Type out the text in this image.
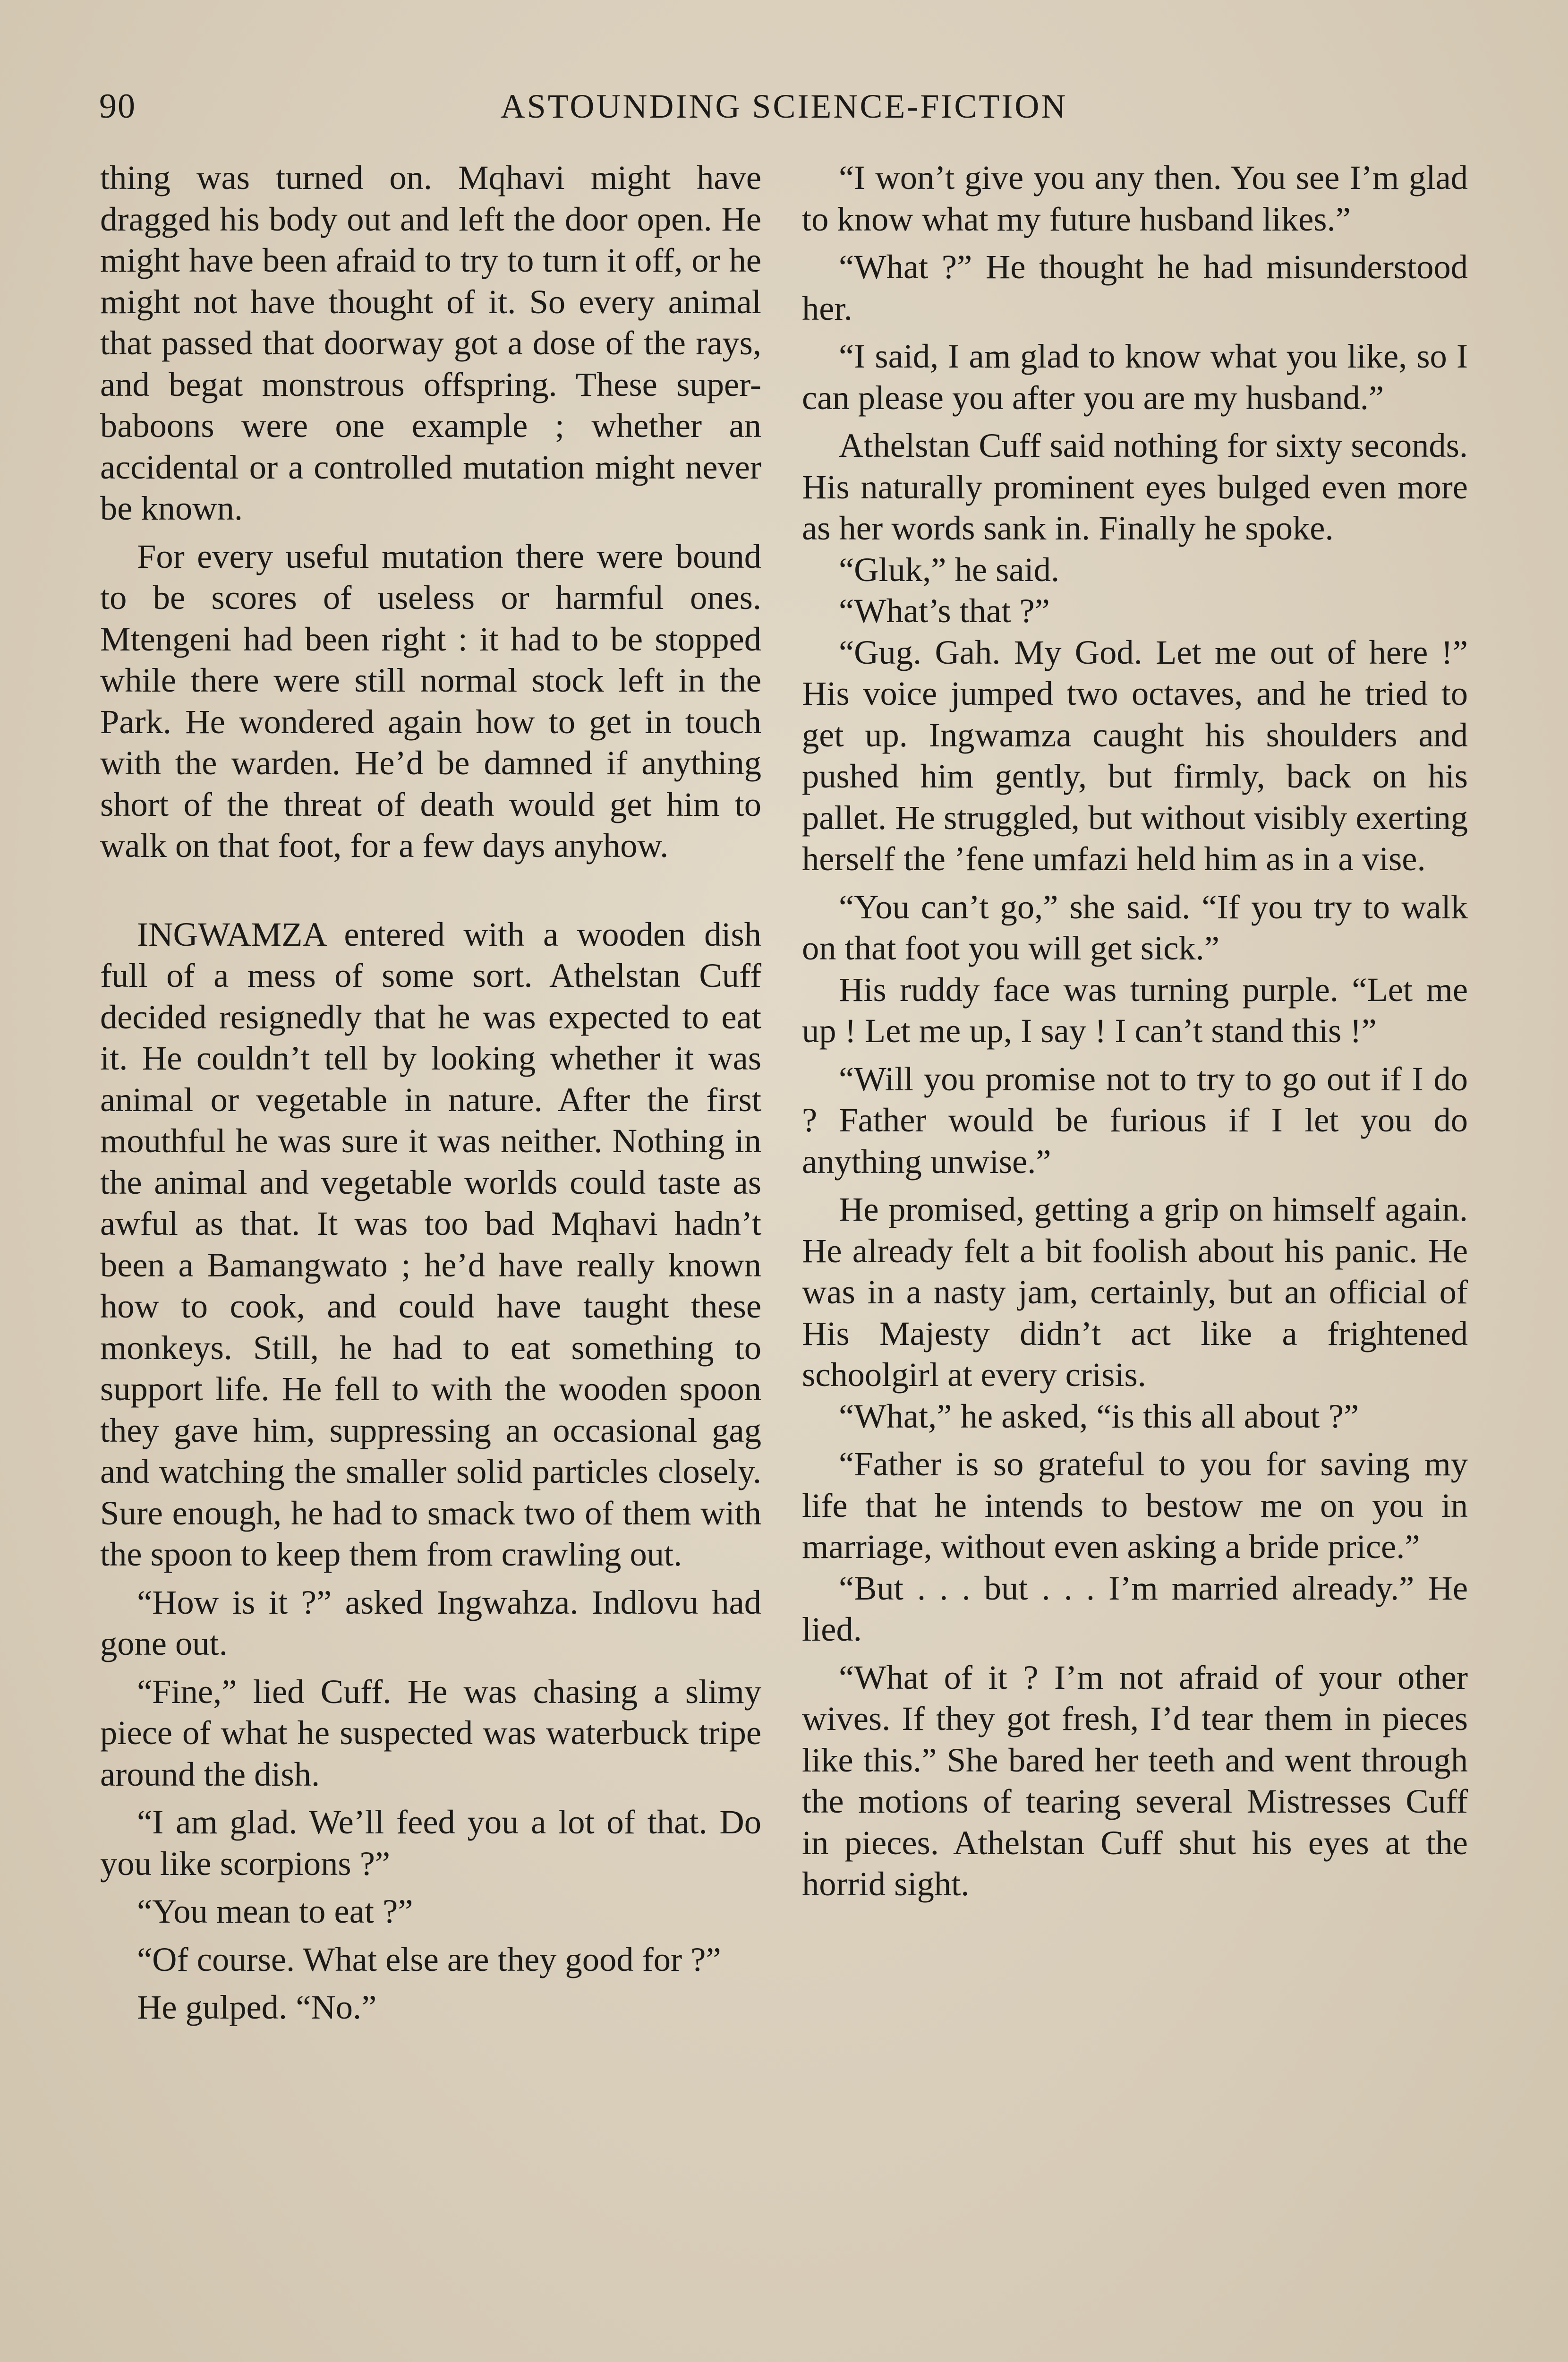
90	ASTOUNDING SCIENCE-FICTION

thing was turned on. Mqhavi might have dragged his body out and left the door open. He might have been afraid to try to turn it off, or he might not have thought of it. So every animal that passed that doorway got a dose of the rays, and begat monstrous offspring. These super-baboons were one example ; whether an accidental or a controlled mutation might never be known.

For every useful mutation there were bound to be scores of useless or harmful ones. Mtengeni had been right : it had to be stopped while there were still normal stock left in the Park. He wondered again how to get in touch with the warden. He’d be damned if anything short of the threat of death would get him to walk on that foot, for a few days anyhow.

INGWAMZA entered with a wooden dish full of a mess of some sort. Athelstan Cuff decided resignedly that he was expected to eat it. He couldn’t tell by looking whether it was animal or vegetable in nature. After the first mouthful he was sure it was neither. Nothing in the animal and vegetable worlds could taste as awful as that. It was too bad Mqhavi hadn’t been a Bamangwato ; he’d have really known how to cook, and could have taught these monkeys. Still, he had to eat something to support life. He fell to with the wooden spoon they gave him, suppressing an occasional gag and watching the smaller solid particles closely. Sure enough, he had to smack two of them with the spoon to keep them from crawling out.

“How is it ?” asked Ingwahza. Indlovu had gone out.

“Fine,” lied Cuff. He was chasing a slimy piece of what he suspected was waterbuck tripe around the dish.

“I am glad. We’ll feed you a lot of that. Do you like scorpions ?”

“You mean to eat ?”

“Of course. What else are they good for ?”

He gulped. “No.”

“I won’t give you any then. You see I’m glad to know what my future husband likes.”

“What ?” He thought he had misunderstood her.

“I said, I am glad to know what you like, so I can please you after you are my husband.”

Athelstan Cuff said nothing for sixty seconds. His naturally prominent eyes bulged even more as her words sank in. Finally he spoke.

“Gluk,” he said.

“What’s that ?”

“Gug. Gah. My God. Let me out of here !” His voice jumped two octaves, and he tried to get up. Ingwamza caught his shoulders and pushed him gently, but firmly, back on his pallet. He struggled, but without visibly exerting herself the ’fene umfazi held him as in a vise.

“You can’t go,” she said. “If you try to walk on that foot you will get sick.”

His ruddy face was turning purple. “Let me up ! Let me up, I say ! I can’t stand this !”

“Will you promise not to try to go out if I do ? Father would be furious if I let you do anything unwise.”

He promised, getting a grip on himself again. He already felt a bit foolish about his panic. He was in a nasty jam, certainly, but an official of His Majesty didn’t act like a frightened schoolgirl at every crisis.

“What,” he asked, “is this all about ?”

“Father is so grateful to you for saving my life that he intends to bestow me on you in marriage, without even asking a bride price.”

“But . . . but . . . I’m married already.” He lied.

“What of it ? I’m not afraid of your other wives. If they got fresh, I’d tear them in pieces like this.” She bared her teeth and went through the motions of tearing several Mistresses Cuff in pieces. Athelstan Cuff shut his eyes at the horrid sight.
